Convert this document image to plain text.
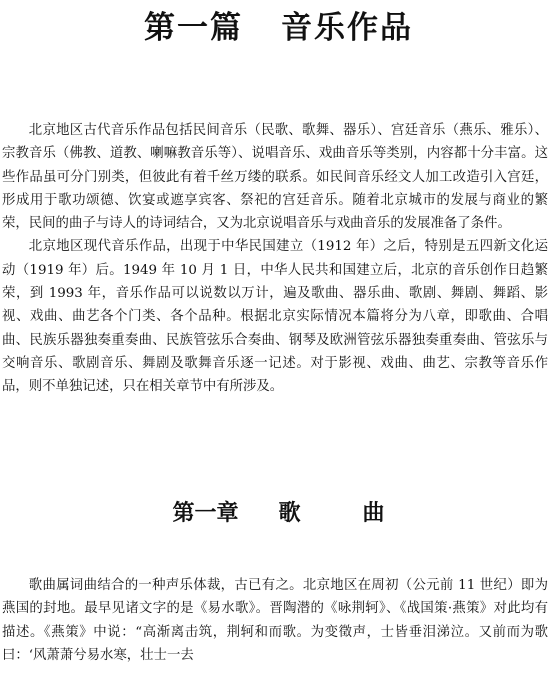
第一篇 音乐作品

北京地区古代音乐作品包括民间音乐（民歌、歌舞、器乐）、宫廷音乐（燕乐、雅乐）、宗教音乐（佛教、道教、喇嘛教音乐等）、说唱音乐、戏曲音乐等类别，内容都十分丰富。这些作品虽可分门别类，但彼此有着千丝万缕的联系。如民间音乐经文人加工改造引入宫廷，形成用于歌功颂德、饮宴或遮享宾客、祭祀的宫廷音乐。随着北京城市的发展与商业的繁荣，民间的曲子与诗人的诗词结合，又为北京说唱音乐与戏曲音乐的发展准备了条件。

北京地区现代音乐作品，出现于中华民国建立（1912 年）之后，特别是五四新文化运动（1919 年）后。1949 年 10 月 1 日，中华人民共和国建立后，北京的音乐创作日趋繁荣，到 1993 年，音乐作品可以说数以万计，遍及歌曲、器乐曲、歌剧、舞剧、舞蹈、影视、戏曲、曲艺各个门类、各个品种。根据北京实际情况本篇将分为八章，即歌曲、合唱曲、民族乐器独奏重奏曲、民族管弦乐合奏曲、钢琴及欧洲管弦乐器独奏重奏曲、管弦乐与交响音乐、歌剧音乐、舞剧及歌舞音乐逐一记述。对于影视、戏曲、曲艺、宗教等音乐作品，则不单独记述，只在相关章节中有所涉及。

第一章 歌	曲

歌曲属词曲结合的一种声乐体裁，古已有之。北京地区在周初（公元前 11 世纪）即为燕国的封地。最早见诸文字的是《易水歌》。晋陶潜的《咏荆轲》、《战国策·燕策》对此均有描述。《燕策》中说：“高渐离击筑，荆轲和而歌。为变徵声，士皆垂泪涕泣。又前而为歌曰：‘风萧萧兮易水寒，壮士一去
